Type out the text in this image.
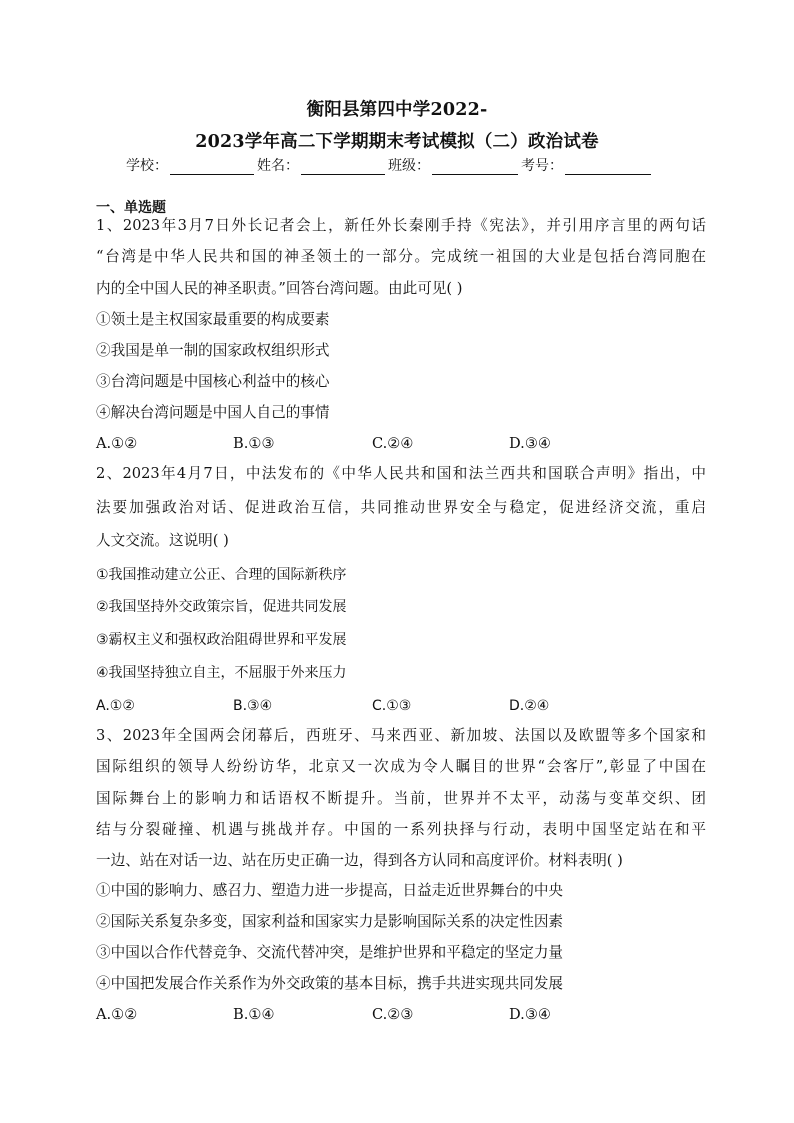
衡阳县第四中学2022-
2023学年高二下学期期末考试模拟（二）政治试卷
学校：	姓名：	班级：	考号：
一、单选题
1、2023年3月7日外长记者会上，新任外长秦刚手持《宪法》，并引用序言里的两句话
“台湾是中华人民共和国的神圣领土的一部分。完成统一祖国的大业是包括台湾同胞在
内的全中国人民的神圣职责。”回答台湾问题。由此可见( )
①领土是主权国家最重要的构成要素
②我国是单一制的国家政权组织形式
③台湾问题是中国核心利益中的核心
④解决台湾问题是中国人自己的事情
A.①②	B.①③	C.②④	D.③④
2、2023年4月7日，中法发布的《中华人民共和国和法兰西共和国联合声明》指出，中
法要加强政治对话、促进政治互信，共同推动世界安全与稳定，促进经济交流，重启
人文交流。这说明( )
①我国推动建立公正、合理的国际新秩序
②我国坚持外交政策宗旨，促进共同发展
③霸权主义和强权政治阻碍世界和平发展
④我国坚持独立自主，不屈服于外来压力
A.①②	B.③④	C.①③	D.②④
3、2023年全国两会闭幕后，西班牙、马来西亚、新加坡、法国以及欧盟等多个国家和
国际组织的领导人纷纷访华，北京又一次成为令人瞩目的世界“会客厅”,彰显了中国在
国际舞台上的影响力和话语权不断提升。当前，世界并不太平，动荡与变革交织、团
结与分裂碰撞、机遇与挑战并存。中国的一系列抉择与行动，表明中国坚定站在和平
一边、站在对话一边、站在历史正确一边，得到各方认同和高度评价。材料表明( )
①中国的影响力、感召力、塑造力进一步提高，日益走近世界舞台的中央
②国际关系复杂多变，国家利益和国家实力是影响国际关系的决定性因素
③中国以合作代替竞争、交流代替冲突，是维护世界和平稳定的坚定力量
④中国把发展合作关系作为外交政策的基本目标，携手共进实现共同发展
A.①②	B.①④	C.②③	D.③④
